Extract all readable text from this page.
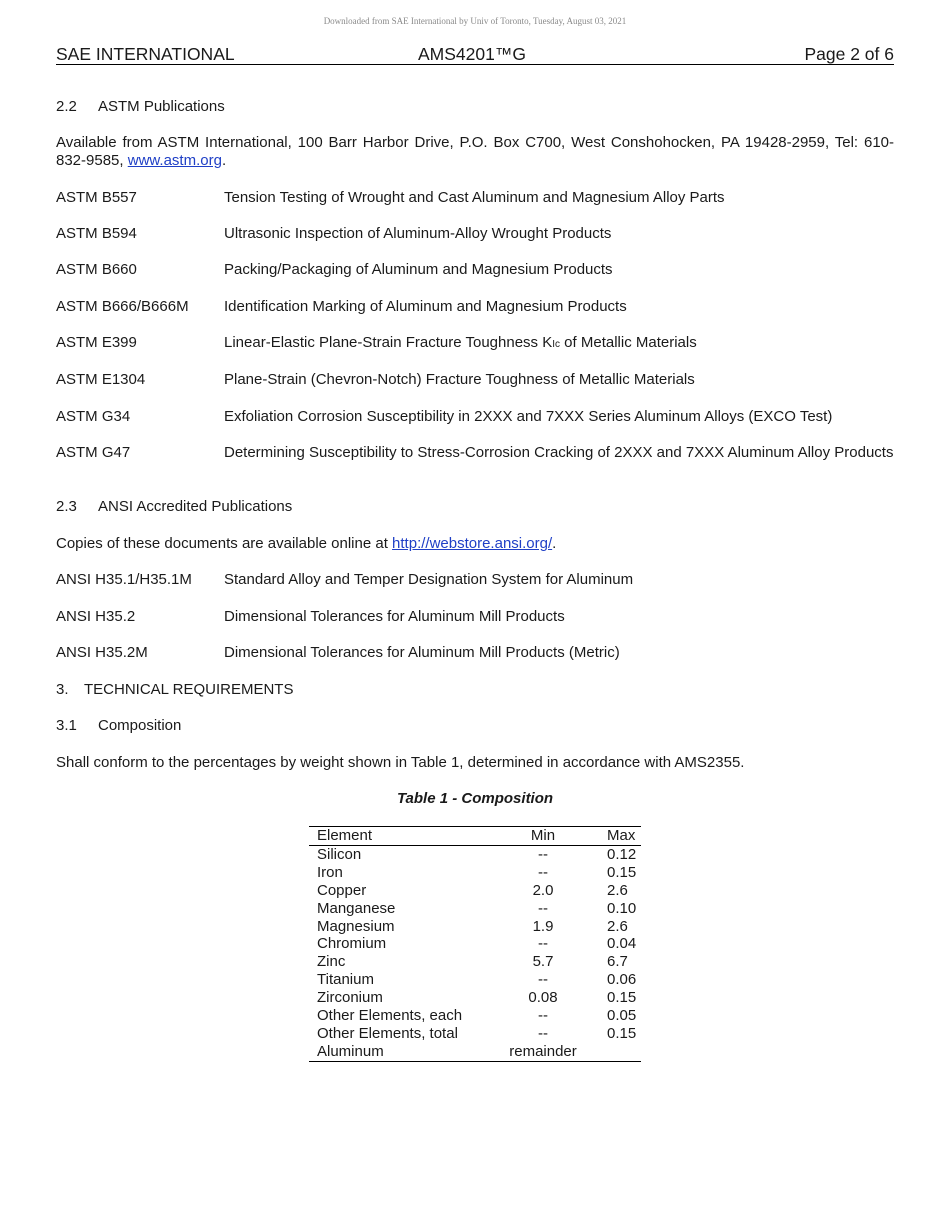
Downloaded from SAE International by Univ of Toronto, Tuesday, August 03, 2021
SAE INTERNATIONAL	AMS4201™G	Page 2 of 6
2.2 ASTM Publications
Available from ASTM International, 100 Barr Harbor Drive, P.O. Box C700, West Conshohocken, PA 19428-2959, Tel: 610-832-9585, www.astm.org.
ASTM B557	Tension Testing of Wrought and Cast Aluminum and Magnesium Alloy Parts
ASTM B594	Ultrasonic Inspection of Aluminum-Alloy Wrought Products
ASTM B660	Packing/Packaging of Aluminum and Magnesium Products
ASTM B666/B666M Identification Marking of Aluminum and Magnesium Products
ASTM E399	Linear-Elastic Plane-Strain Fracture Toughness KIc of Metallic Materials
ASTM E1304	Plane-Strain (Chevron-Notch) Fracture Toughness of Metallic Materials
ASTM G34	Exfoliation Corrosion Susceptibility in 2XXX and 7XXX Series Aluminum Alloys (EXCO Test)
ASTM G47	Determining Susceptibility to Stress-Corrosion Cracking of 2XXX and 7XXX Aluminum Alloy Products
2.3 ANSI Accredited Publications
Copies of these documents are available online at http://webstore.ansi.org/.
ANSI H35.1/H35.1M Standard Alloy and Temper Designation System for Aluminum
ANSI H35.2	Dimensional Tolerances for Aluminum Mill Products
ANSI H35.2M	Dimensional Tolerances for Aluminum Mill Products (Metric)
3. TECHNICAL REQUIREMENTS
3.1 Composition
Shall conform to the percentages by weight shown in Table 1, determined in accordance with AMS2355.
Table 1 - Composition
Element	Min	Max
Silicon	--	0.12
Iron	--	0.15
Copper	2.0	2.6
Manganese	--	0.10
Magnesium	1.9	2.6
Chromium	--	0.04
Zinc	5.7	6.7
Titanium	--	0.06
Zirconium	0.08	0.15
Other Elements, each	--	0.05
Other Elements, total	--	0.15
Aluminum	remainder	
